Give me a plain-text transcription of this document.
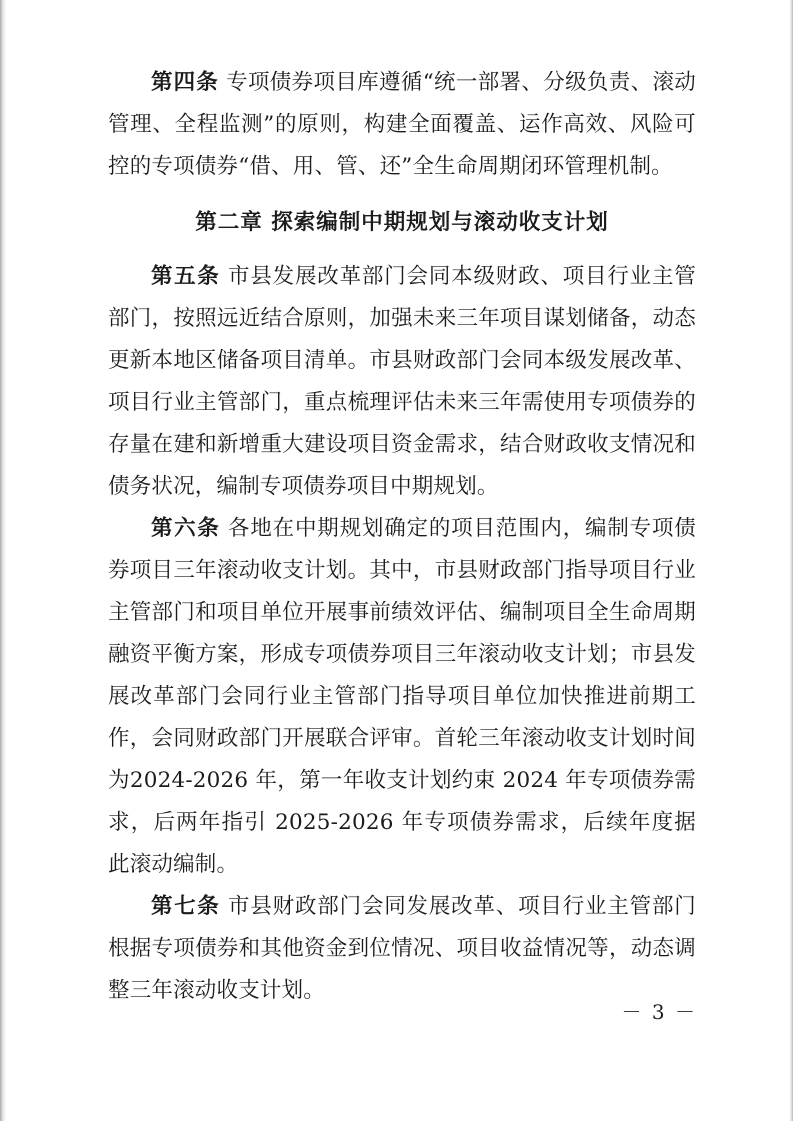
第四条 专项债券项目库遵循“统一部署、分级负责、滚动管理、全程监测”的原则，构建全面覆盖、运作高效、风险可控的专项债券“借、用、管、还”全生命周期闭环管理机制。

第二章 探索编制中期规划与滚动收支计划

第五条 市县发展改革部门会同本级财政、项目行业主管部门，按照远近结合原则，加强未来三年项目谋划储备，动态更新本地区储备项目清单。市县财政部门会同本级发展改革、项目行业主管部门，重点梳理评估未来三年需使用专项债券的存量在建和新增重大建设项目资金需求，结合财政收支情况和债务状况，编制专项债券项目中期规划。

第六条 各地在中期规划确定的项目范围内，编制专项债券项目三年滚动收支计划。其中，市县财政部门指导项目行业主管部门和项目单位开展事前绩效评估、编制项目全生命周期融资平衡方案，形成专项债券项目三年滚动收支计划；市县发展改革部门会同行业主管部门指导项目单位加快推进前期工作，会同财政部门开展联合评审。首轮三年滚动收支计划时间为2024-2026 年，第一年收支计划约束 2024 年专项债券需求，后两年指引 2025-2026 年专项债券需求，后续年度据此滚动编制。

第七条 市县财政部门会同发展改革、项目行业主管部门根据专项债券和其他资金到位情况、项目收益情况等，动态调整三年滚动收支计划。

－ 3 －
